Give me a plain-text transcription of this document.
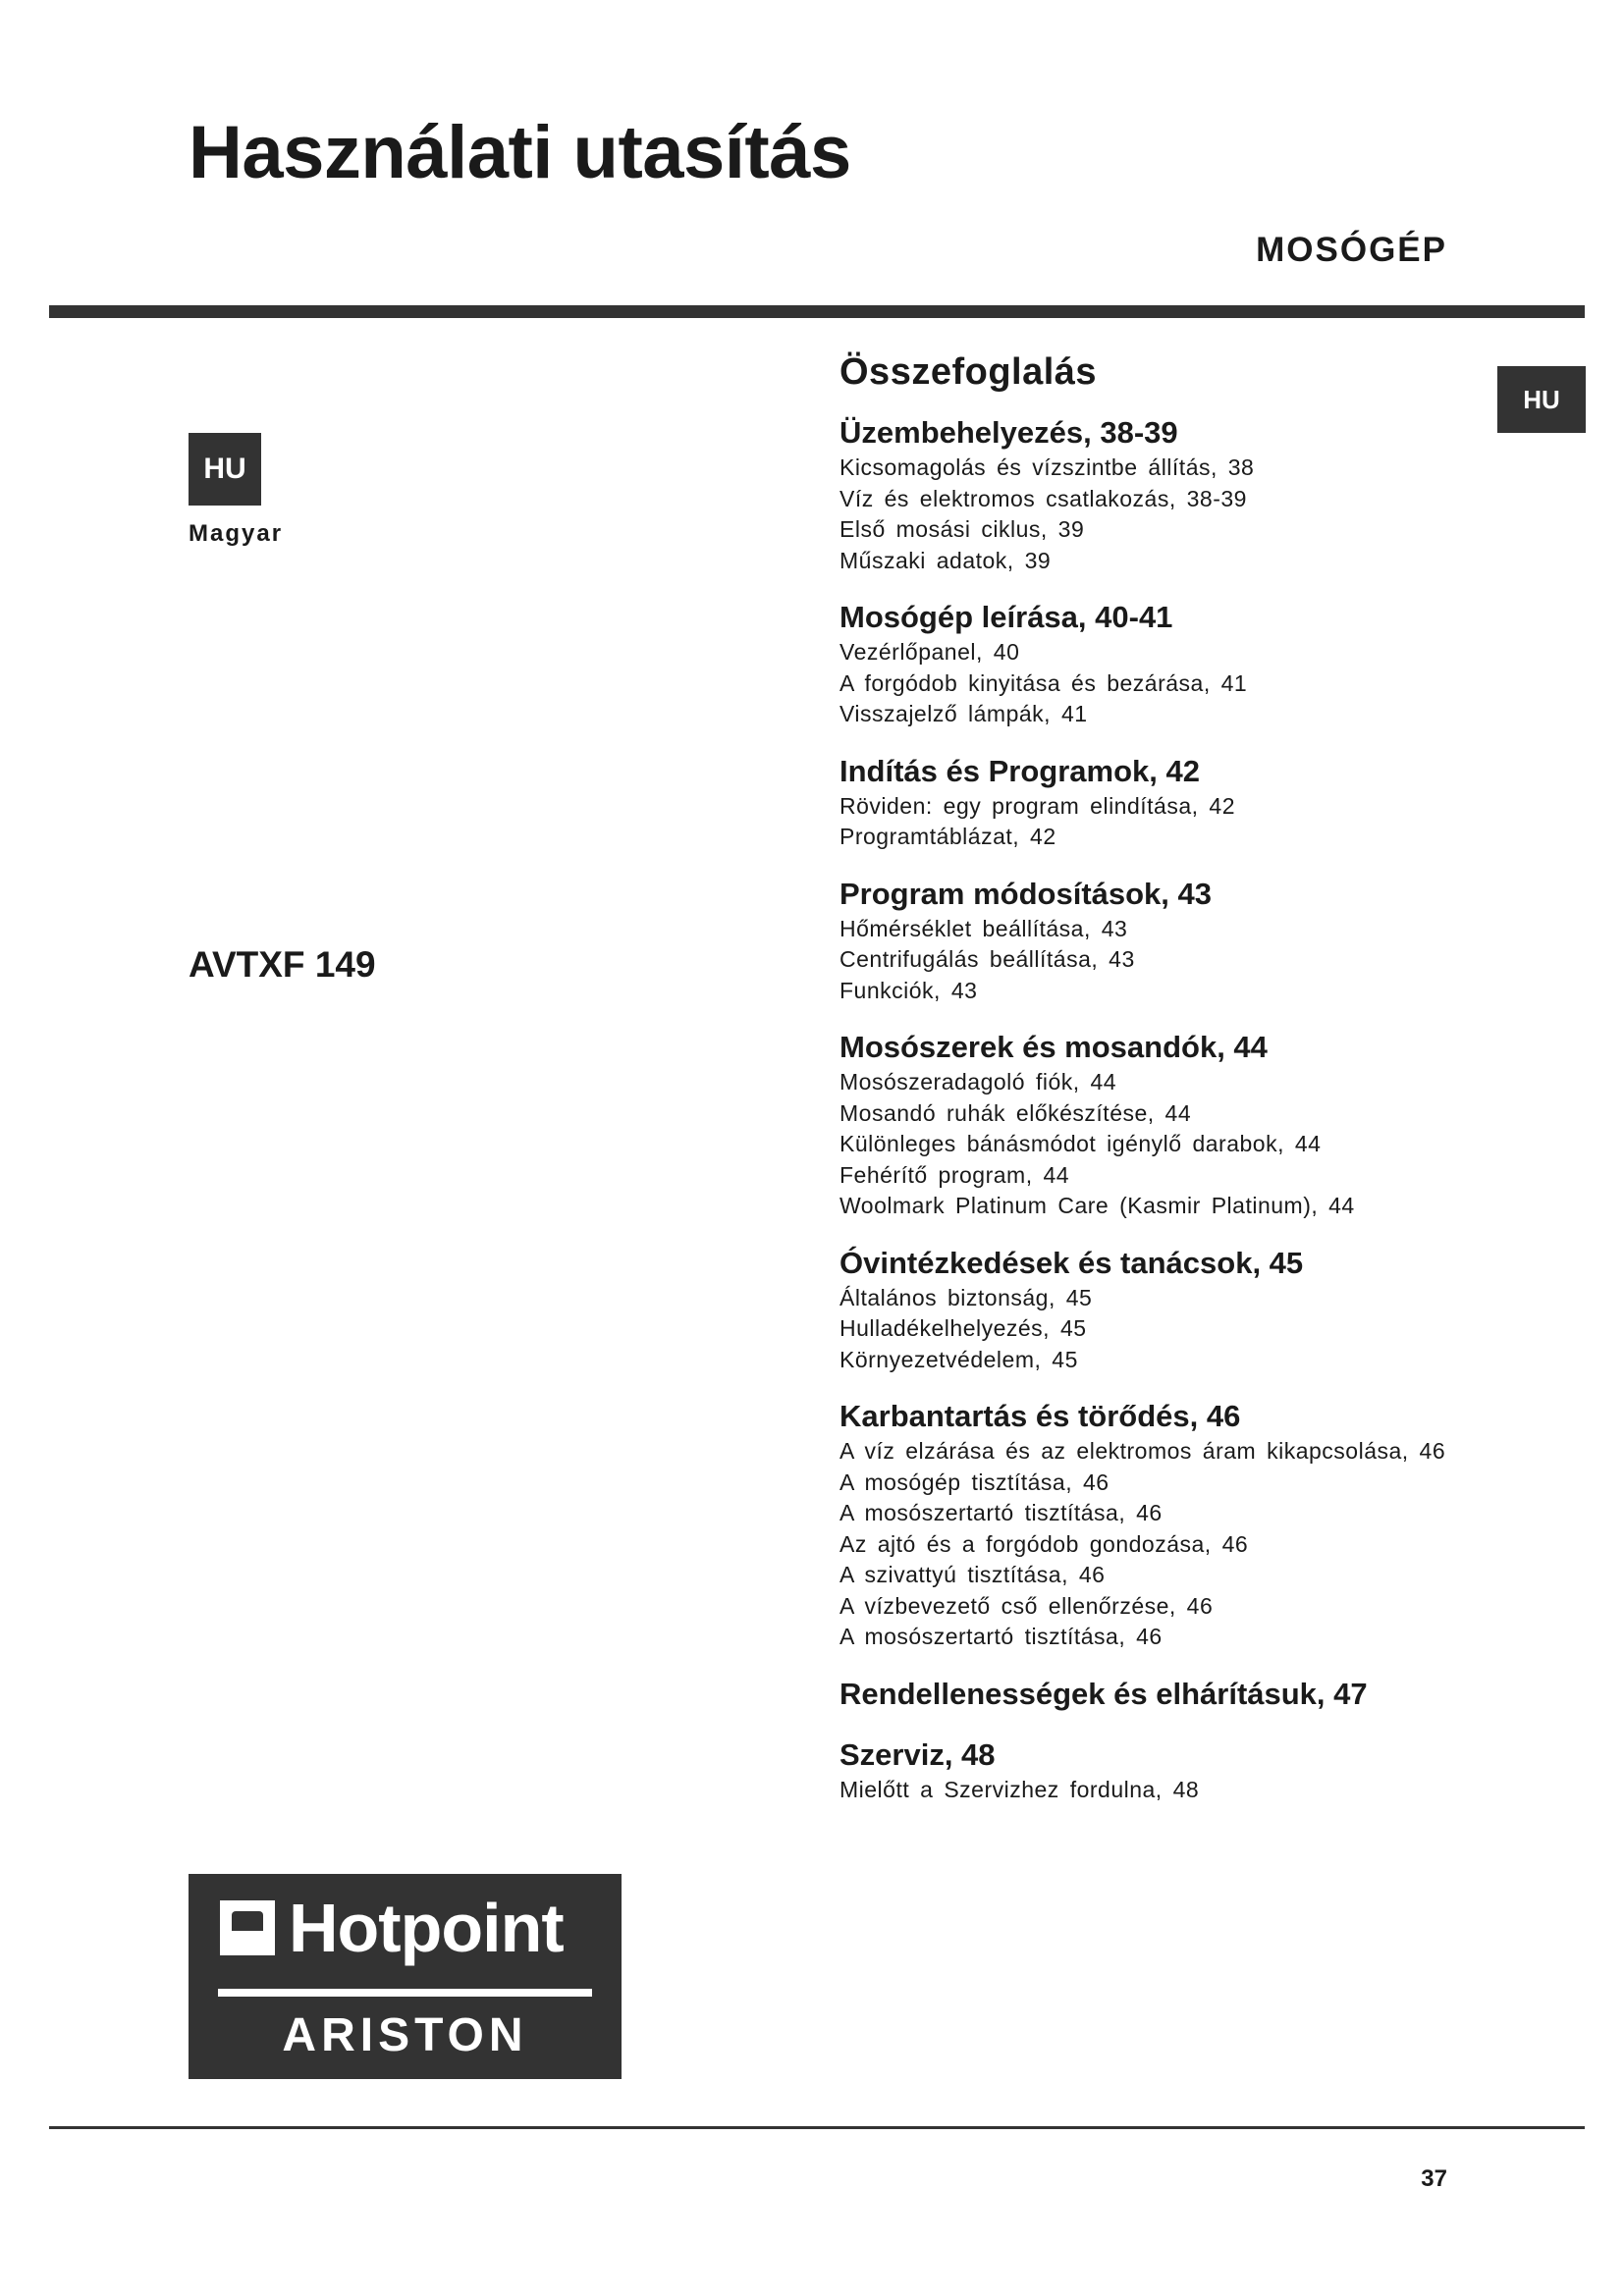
Használati utasítás
MOSÓGÉP
HU
Magyar
AVTXF 149
HU
Összefoglalás
Üzembehelyezés, 38-39

Kicsomagolás és vízszintbe állítás, 38

Víz és elektromos csatlakozás, 38-39

Első mosási ciklus, 39

Műszaki adatok, 39

Mosógép leírása, 40-41

Vezérlőpanel, 40

A forgódob kinyitása és bezárása, 41

Visszajelző lámpák, 41

Indítás és Programok, 42

Röviden: egy program elindítása, 42

Programtáblázat, 42

Program módosítások, 43

Hőmérséklet beállítása, 43

Centrifugálás beállítása, 43

Funkciók, 43

Mosószerek és mosandók, 44

Mosószeradagoló fiók, 44

Mosandó ruhák előkészítése, 44

Különleges bánásmódot igénylő darabok, 44

Fehérítő program, 44

Woolmark Platinum Care (Kasmir Platinum), 44

Óvintézkedések és tanácsok, 45

Általános biztonság, 45

Hulladékelhelyezés, 45

Környezetvédelem, 45

Karbantartás és törődés, 46

A víz elzárása és az elektromos áram kikapcsolása, 46

A mosógép tisztítása, 46

A mosószertartó tisztítása, 46

Az ajtó és a forgódob gondozása, 46

A szivattyú tisztítása, 46

A vízbevezető cső ellenőrzése, 46

A mosószertartó tisztítása, 46

Rendellenességek és elhárításuk, 47
Szerviz, 48

Mielőtt a Szervizhez fordulna, 48

Hotpoint
ARISTON
37
